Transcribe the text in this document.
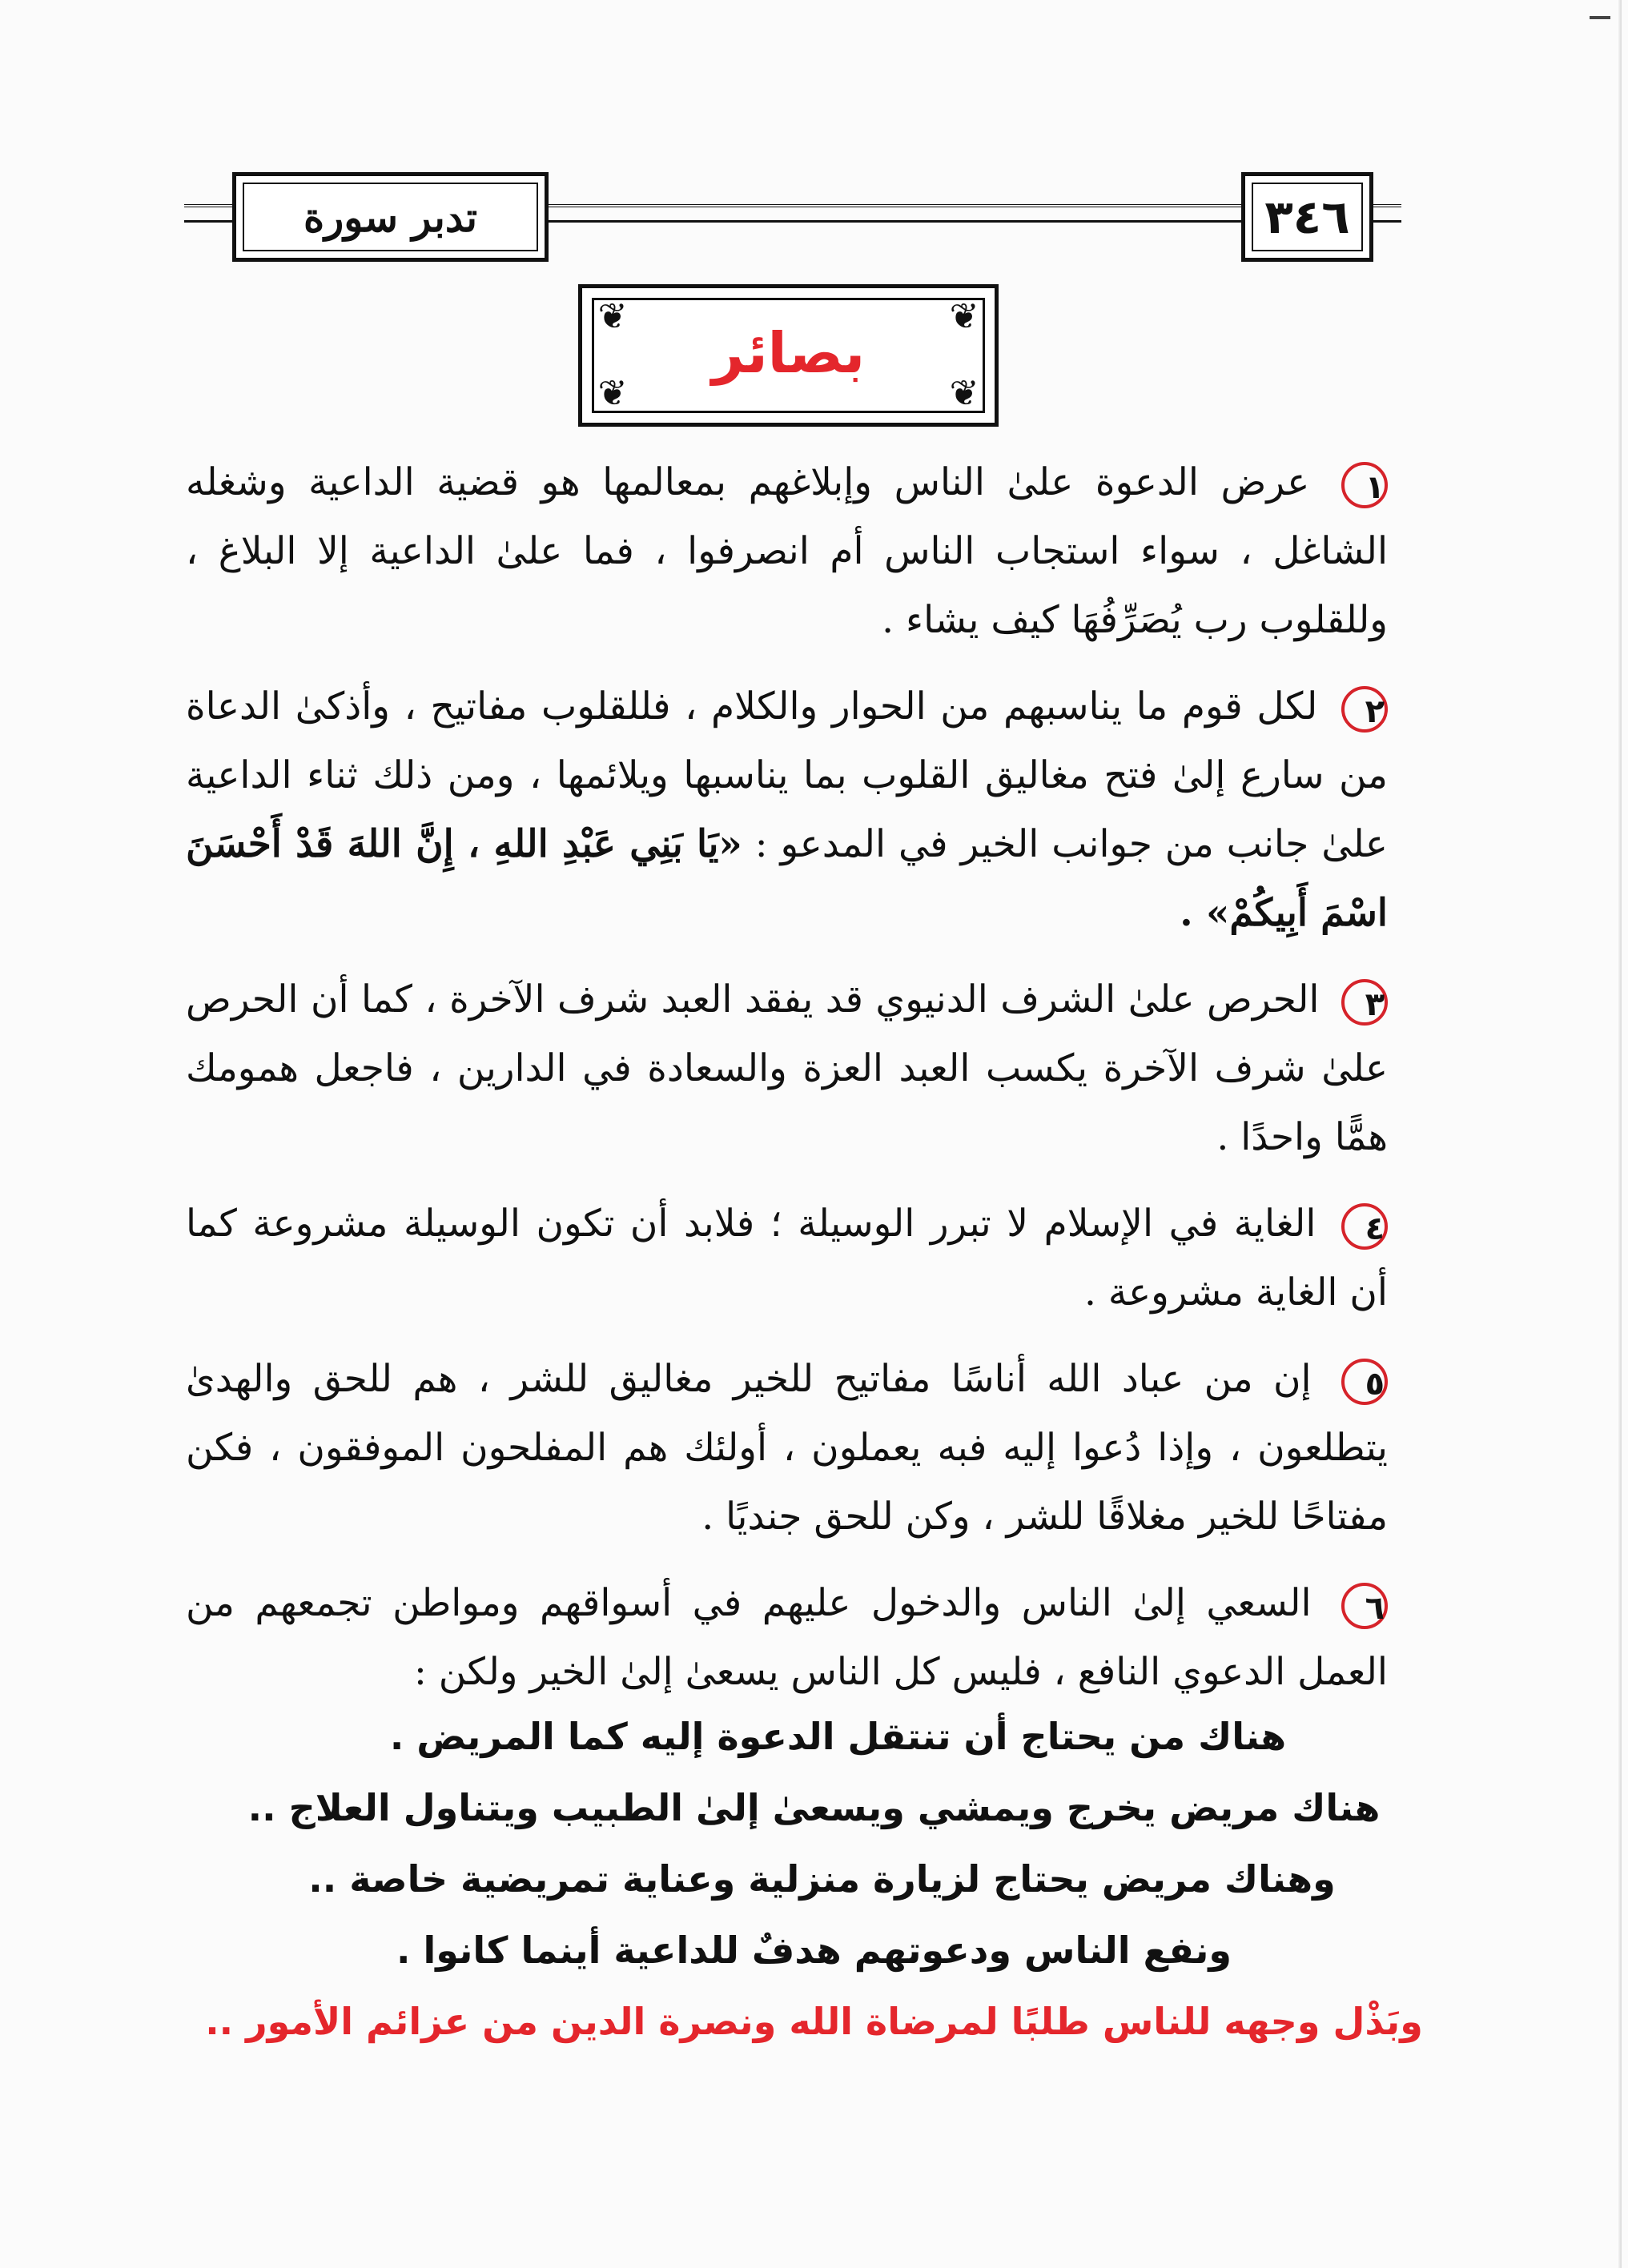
تدبر سورة	٣٤٦
❦	❦
❦	❦
بصائر

١ عرض الدعوة علىٰ الناس وإبلاغهم بمعالمها هو قضية الداعية وشغله الشاغل ، سواء استجاب الناس أم انصرفوا ، فما علىٰ الداعية إلا البلاغ ، وللقلوب رب يُصَرِّفُهَا كيف يشاء .

٢ لكل قوم ما يناسبهم من الحوار والكلام ، فللقلوب مفاتيح ، وأذكىٰ الدعاة من سارع إلىٰ فتح مغاليق القلوب بما يناسبها ويلائمها ، ومن ذلك ثناء الداعية علىٰ جانب من جوانب الخير في المدعو : «يَا بَنِي عَبْدِ اللهِ ، إِنَّ اللهَ قَدْ أَحْسَنَ اسْمَ أَبِيكُمْ» .

٣ الحرص علىٰ الشرف الدنيوي قد يفقد العبد شرف الآخرة ، كما أن الحرص علىٰ شرف الآخرة يكسب العبد العزة والسعادة في الدارين ، فاجعل همومك همًّا واحدًا .

٤ الغاية في الإسلام لا تبرر الوسيلة ؛ فلابد أن تكون الوسيلة مشروعة كما أن الغاية مشروعة .

٥ إن من عباد الله أناسًا مفاتيح للخير مغاليق للشر ، هم للحق والهدىٰ يتطلعون ، وإذا دُعوا إليه فبه يعملون ، أولئك هم المفلحون الموفقون ، فكن مفتاحًا للخير مغلاقًا للشر ، وكن للحق جنديًا .

٦ السعي إلىٰ الناس والدخول عليهم في أسواقهم ومواطن تجمعهم من العمل الدعوي النافع ، فليس كل الناس يسعىٰ إلىٰ الخير ولكن :

هناك من يحتاج أن تنتقل الدعوة إليه كما المريض .
هناك مريض يخرج ويمشي ويسعىٰ إلىٰ الطبيب ويتناول العلاج ..
وهناك مريض يحتاج لزيارة منزلية وعناية تمريضية خاصة ..
ونفع الناس ودعوتهم هدفٌ للداعية أينما كانوا .
وبَذْل وجهه للناس طلبًا لمرضاة الله ونصرة الدين من عزائم الأمور ..
